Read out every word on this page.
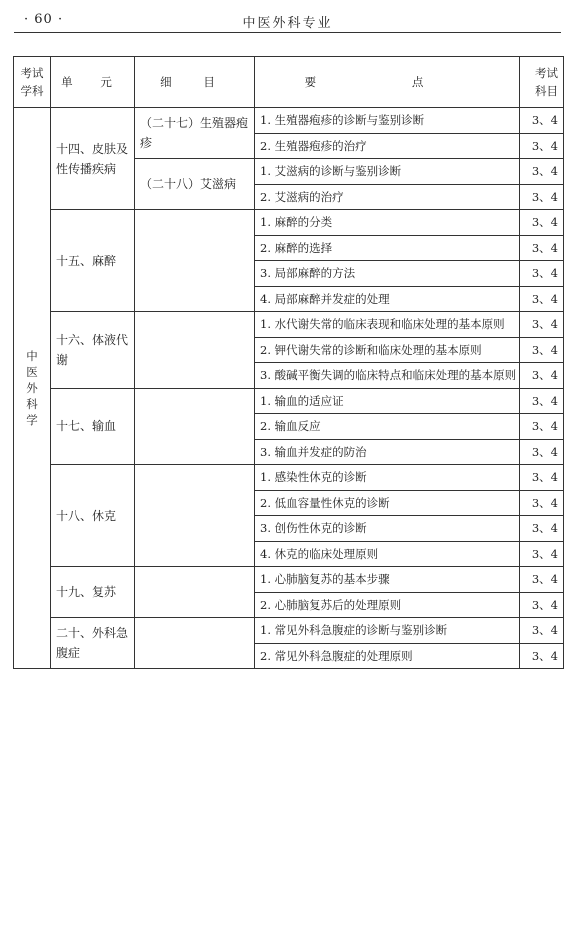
· 60 ·	中医外科专业
考试学科	单 元	细 目	要 点	考试科目
中医外科学	十四、皮肤及性传播疾病	（二十七）生殖器疱疹	1. 生殖器疱疹的诊断与鉴别诊断	3、4
			2. 生殖器疱疹的治疗	3、4
		（二十八）艾滋病	1. 艾滋病的诊断与鉴别诊断	3、4
			2. 艾滋病的治疗	3、4
	十五、麻醉		1. 麻醉的分类	3、4
			2. 麻醉的选择	3、4
			3. 局部麻醉的方法	3、4
			4. 局部麻醉并发症的处理	3、4
	十六、体液代谢		1. 水代谢失常的临床表现和临床处理的基本原则	3、4
			2. 钾代谢失常的诊断和临床处理的基本原则	3、4
			3. 酸碱平衡失调的临床特点和临床处理的基本原则	3、4
	十七、输血		1. 输血的适应证	3、4
			2. 输血反应	3、4
			3. 输血并发症的防治	3、4
	十八、休克		1. 感染性休克的诊断	3、4
			2. 低血容量性休克的诊断	3、4
			3. 创伤性休克的诊断	3、4
			4. 休克的临床处理原则	3、4
	十九、复苏		1. 心肺脑复苏的基本步骤	3、4
			2. 心肺脑复苏后的处理原则	3、4
	二十、外科急腹症		1. 常见外科急腹症的诊断与鉴别诊断	3、4
			2. 常见外科急腹症的处理原则	3、4
